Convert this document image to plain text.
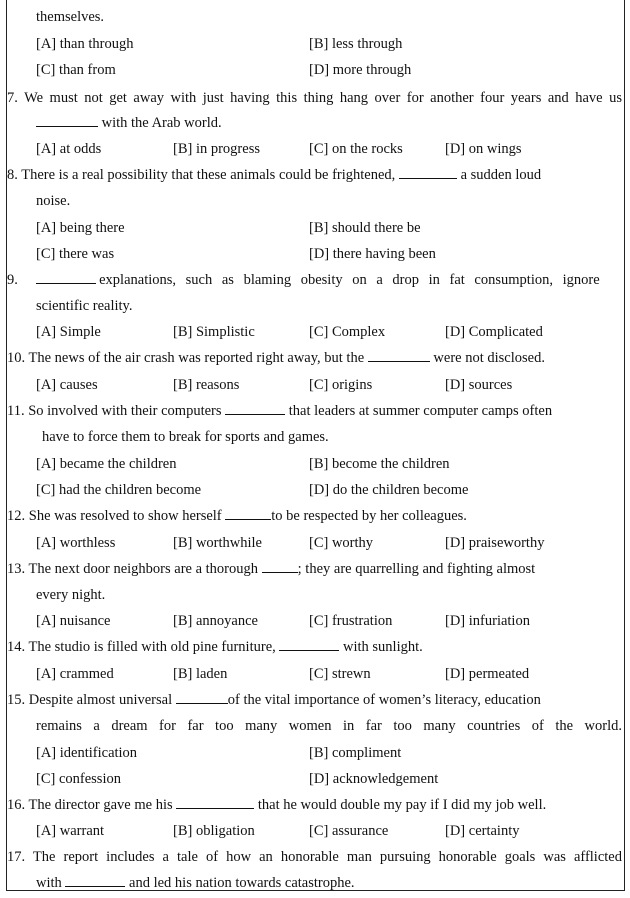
themselves.
[A] than through	[B] less through
[C] than from	[D] more through
7. We must not get away with just having this thing hang over for another four years and have us
with the Arab world.
[A] at odds	[B] in progress	[C] on the rocks	[D] on wings
8. There is a real possibility that these animals could be frightened,	a sudden loud
noise.
[A] being there	[B] should there be
[C] there was	[D] there having been
9.	explanations, such as blaming obesity on a drop in fat consumption, ignore
scientific reality.
[A] Simple	[B] Simplistic	[C] Complex	[D] Complicated
10. The news of the air crash was reported right away, but the	were not disclosed.
[A] causes	[B] reasons	[C] origins	[D] sources
11. So involved with their computers	that leaders at summer computer camps often
have to force them to break for sports and games.
[A] became the children	[B] become the children
[C] had the children become	[D] do the children become
12. She was resolved to show herself	to be respected by her colleagues.
[A] worthless	[B] worthwhile	[C] worthy	[D] praiseworthy
13. The next door neighbors are a thorough ; they are quarrelling and fighting almost
every night.
[A] nuisance	[B] annoyance	[C] frustration	[D] infuriation
14. The studio is filled with old pine furniture,	with sunlight.
[A] crammed	[B] laden	[C] strewn	[D] permeated
15. Despite almost universal	of the vital importance of women’s literacy, education
remains a dream for far too many women in far too many countries of the world.
[A] identification	[B] compliment
[C] confession	[D] acknowledgement
16. The director gave me his	that he would double my pay if I did my job well.
[A] warrant	[B] obligation	[C] assurance	[D] certainty
17. The report includes a tale of how an honorable man pursuing honorable goals was afflicted
with	and led his nation towards catastrophe.
